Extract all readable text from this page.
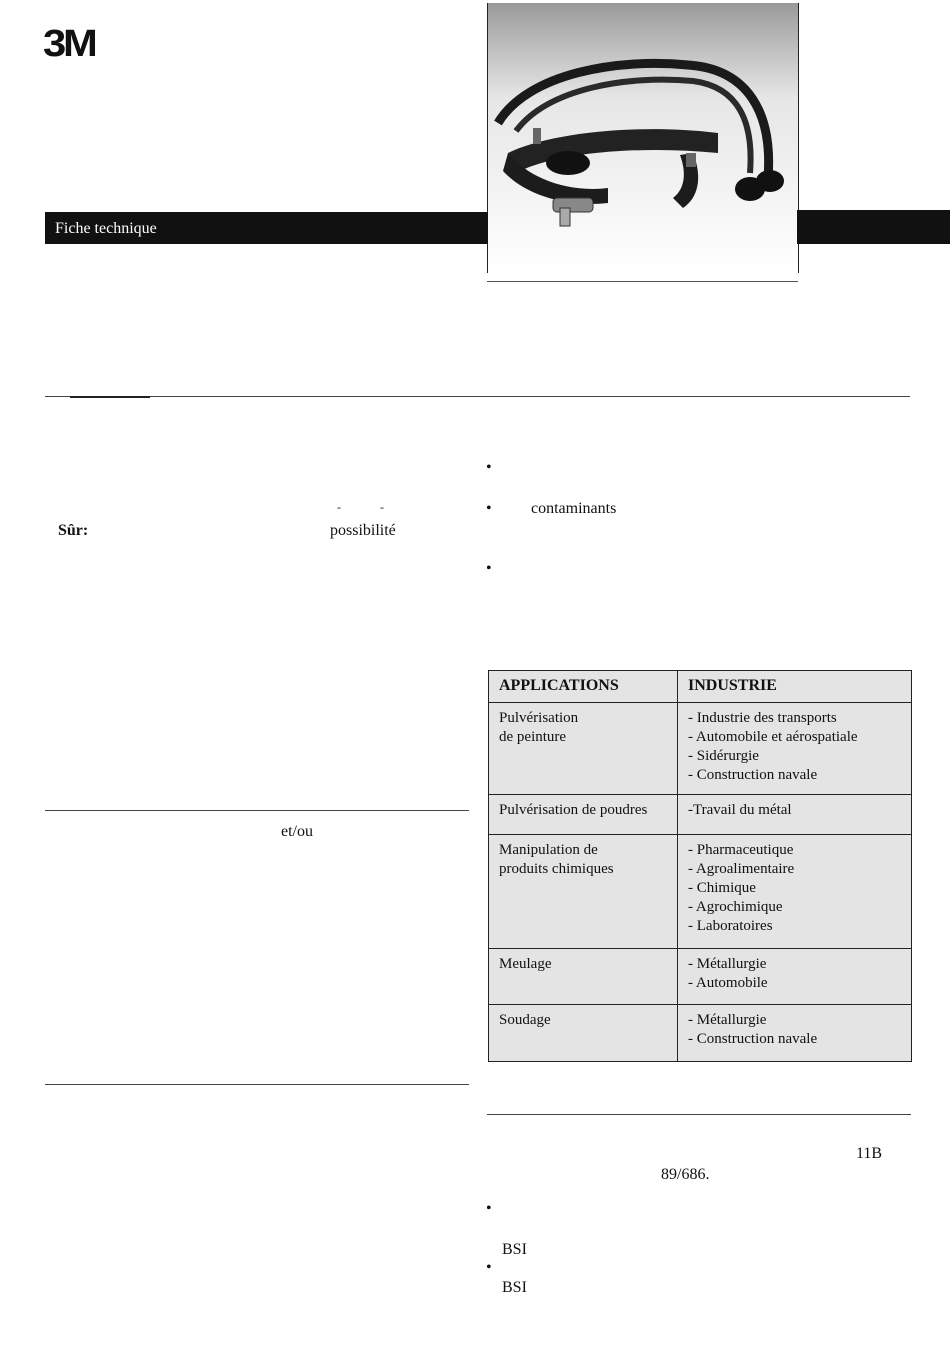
3M
Fiche technique
- -
Sûr:	possibilité
et/ou
•
• contaminants
•
APPLICATIONS	INDUSTRIE

Pulvérisation
de peinture	- Industrie des transports
- Automobile et aérospatiale
- Sidérurgie
- Construction navale

Pulvérisation de poudres	-Travail du métal

Manipulation de
produits chimiques	- Pharmaceutique
- Agroalimentaire
- Chimique
- Agrochimique
- Laboratoires

Meulage	- Métallurgie
- Automobile

Soudage	- Métallurgie
- Construction navale
11B
89/686.
•
BSI
•
BSI
